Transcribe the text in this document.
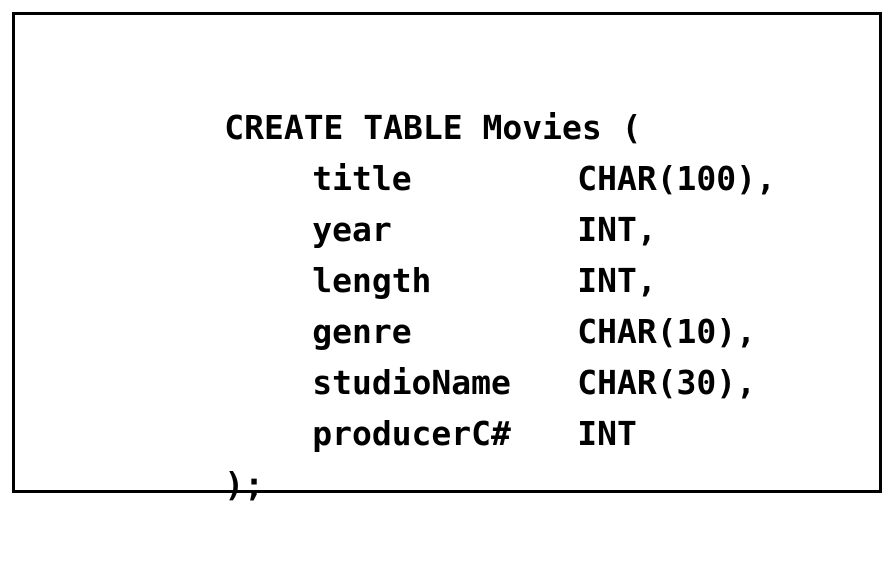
CREATE TABLE Movies (

title	CHAR(100),

year	INT,

length	INT,

genre	CHAR(10),

studioName CHAR(30),

producerC# INT

);
